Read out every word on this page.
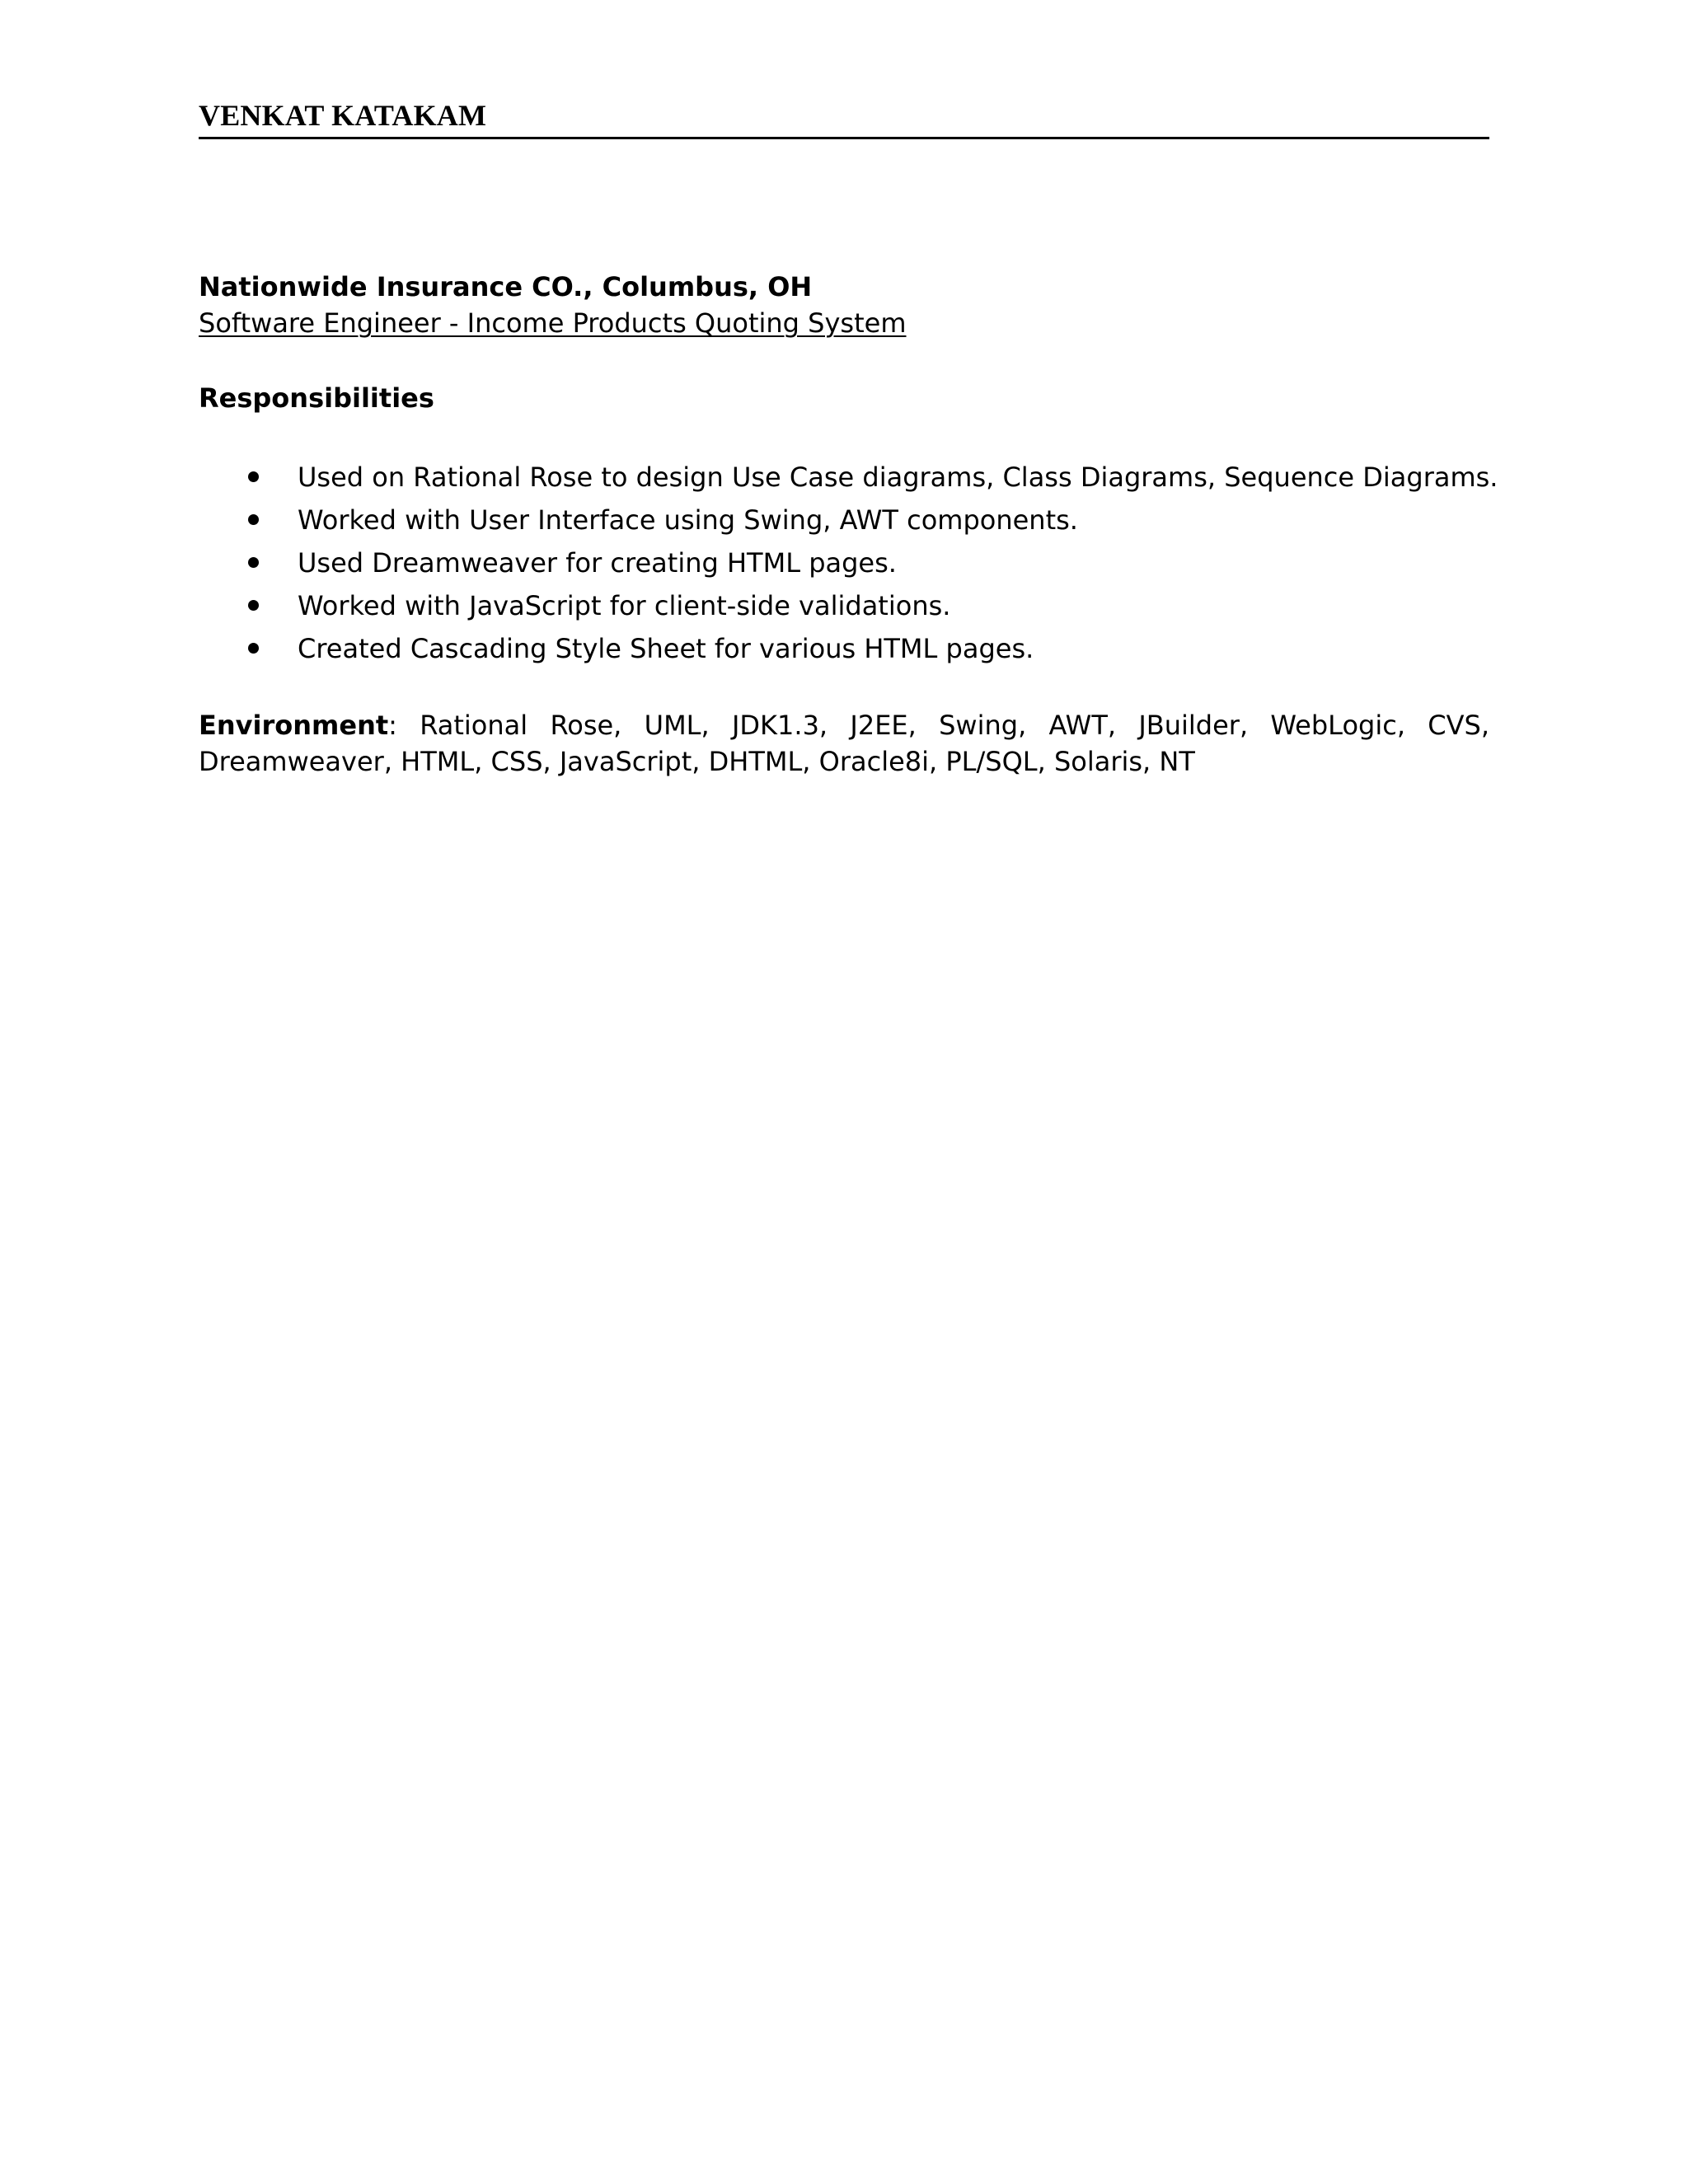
VENKAT KATAKAM
Nationwide Insurance CO., Columbus, OH
Software Engineer - Income Products Quoting System
Responsibilities
Used on Rational Rose to design Use Case diagrams, Class Diagrams, Sequence Diagrams.
Worked with User Interface using Swing, AWT components.
Used Dreamweaver for creating HTML pages.
Worked with JavaScript for client-side validations.
Created Cascading Style Sheet for various HTML pages.
Environment: Rational Rose, UML, JDK1.3, J2EE, Swing, AWT, JBuilder, WebLogic, CVS, Dreamweaver, HTML, CSS, JavaScript, DHTML, Oracle8i, PL/SQL, Solaris, NT
